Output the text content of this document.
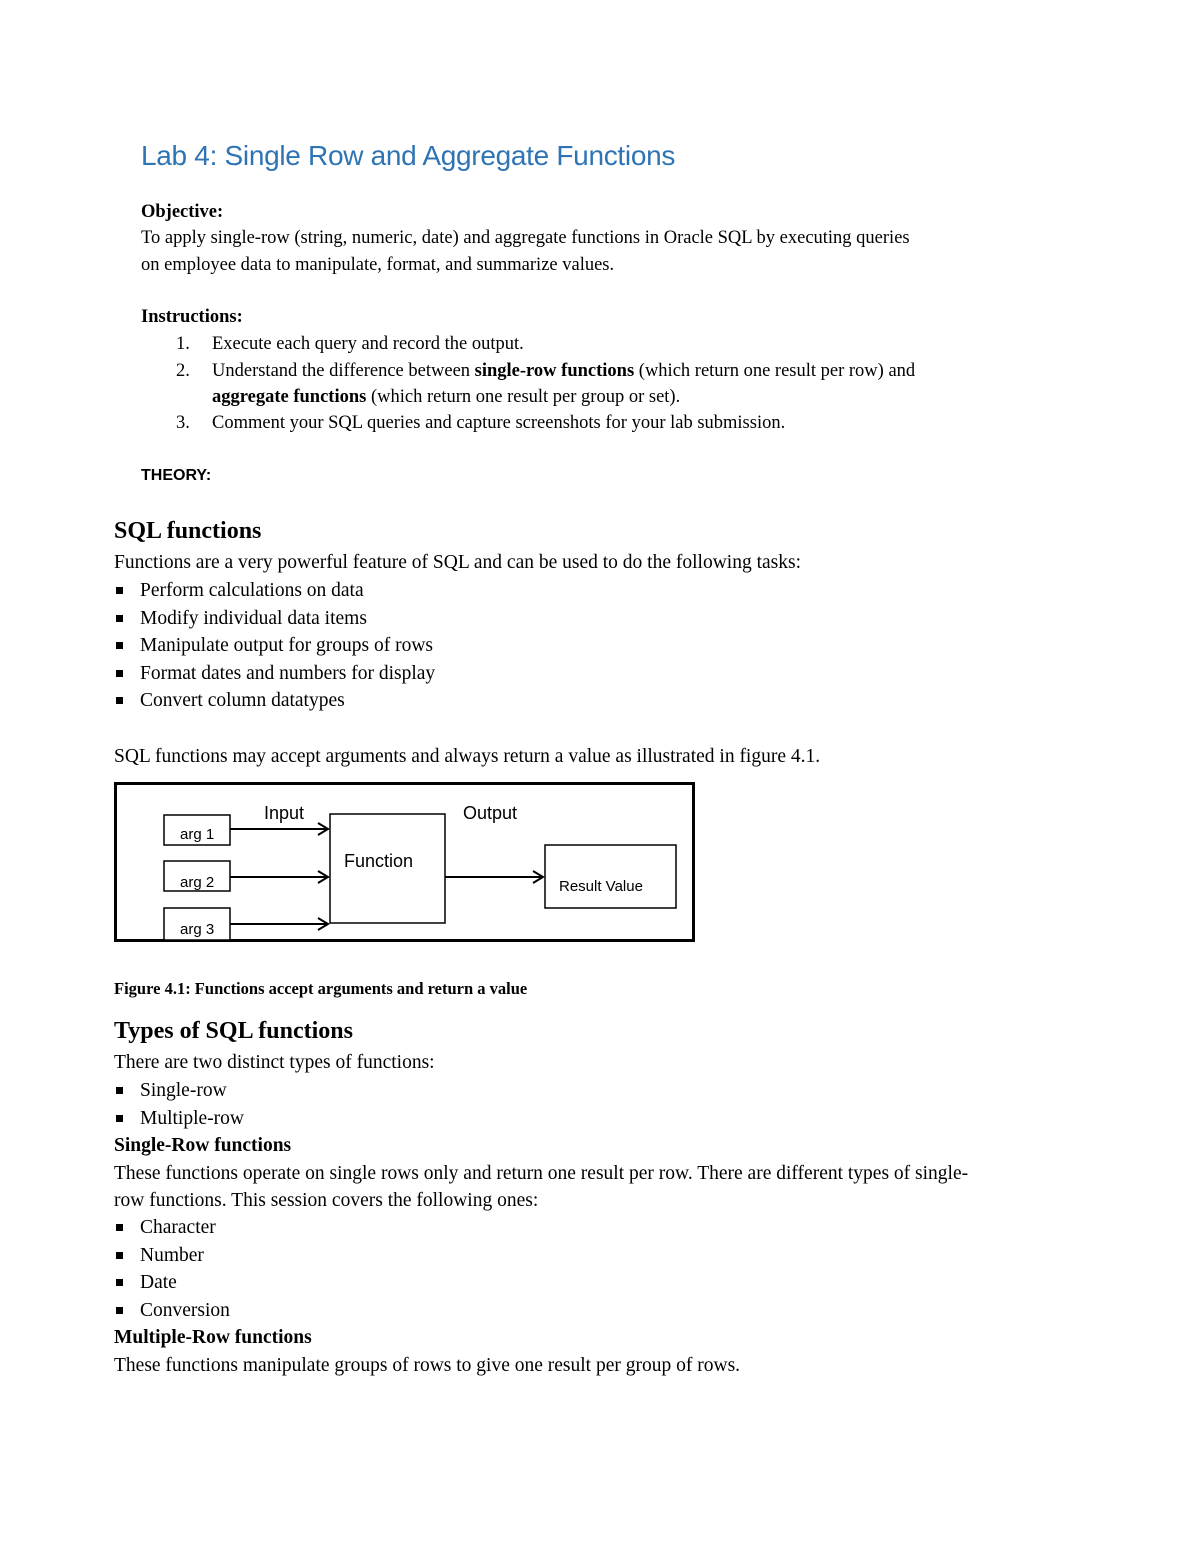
Lab 4: Single Row and Aggregate Functions
Objective:
To apply single-row (string, numeric, date) and aggregate functions in Oracle SQL by executing queries
on employee data to manipulate, format, and summarize values.
Instructions:
1. Execute each query and record the output.
2. Understand the difference between single-row functions (which return one result per row) and
aggregate functions (which return one result per group or set).
3. Comment your SQL queries and capture screenshots for your lab submission.
THEORY:
SQL functions
Functions are a very powerful feature of SQL and can be used to do the following tasks:
Perform calculations on data
Modify individual data items
Manipulate output for groups of rows
Format dates and numbers for display
Convert column datatypes
SQL functions may accept arguments and always return a value as illustrated in figure 4.1.
Input	Output
arg 1
arg 2
arg 3
Function
Result Value
Figure 4.1: Functions accept arguments and return a value
Types of SQL functions
There are two distinct types of functions:
Single-row
Multiple-row
Single-Row functions
These functions operate on single rows only and return one result per row. There are different types of single-
row functions. This session covers the following ones:
Character
Number
Date
Conversion
Multiple-Row functions
These functions manipulate groups of rows to give one result per group of rows.
